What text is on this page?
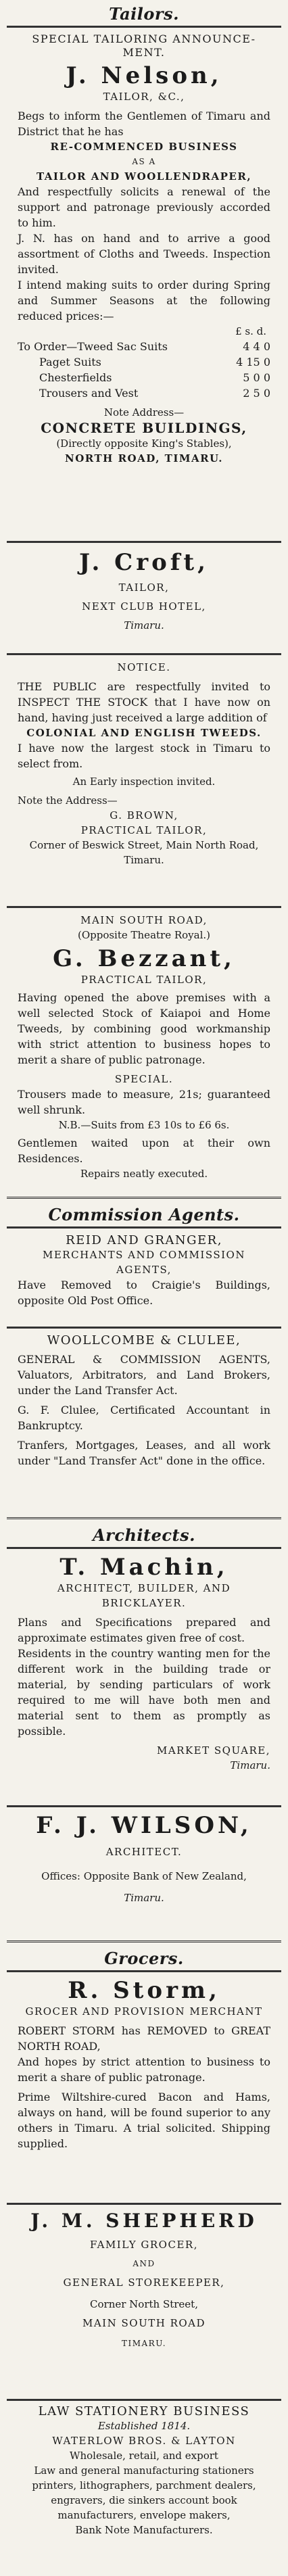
Tailors.
SPECIAL TAILORING ANNOUNCE-
MENT.
J. Nelson,
TAILOR, &C.,
Begs to inform the Gentlemen of Timaru and District that he has
RE-COMMENCED BUSINESS
AS A
TAILOR AND WOOLLENDRAPER,
And respectfully solicits a renewal of the support and patronage previously accorded to him.
J. N. has on hand and to arrive a good assortment of Cloths and Tweeds. Inspection invited.
I intend making suits to order during Spring and Summer Seasons at the following reduced prices:—
£ s. d.
To Order—Tweed Sac Suits	4 4 0
Paget Suits	4 15 0
Chesterfields	5 0 0
Trousers and Vest	2 5 0
Note Address—
CONCRETE BUILDINGS,
(Directly opposite King's Stables),
NORTH ROAD, TIMARU.
J. Croft,
TAILOR,
NEXT CLUB HOTEL,
Timaru.
NOTICE.
THE PUBLIC are respectfully invited to INSPECT THE STOCK that I have now on hand, having just received a large addition of
COLONIAL AND ENGLISH TWEEDS.
I have now the largest stock in Timaru to select from.
An Early inspection invited.
Note the Address—
G. BROWN,
PRACTICAL TAILOR,
Corner of Beswick Street, Main North Road, Timaru.
MAIN SOUTH ROAD,
(Opposite Theatre Royal.)
G. Bezzant,
PRACTICAL TAILOR,
Having opened the above premises with a well selected Stock of Kaiapoi and Home Tweeds, by combining good workmanship with strict attention to business hopes to merit a share of public patronage.
SPECIAL.
Trousers made to measure, 21s; guaranteed well shrunk.
N.B.—Suits from £3 10s to £6 6s.
Gentlemen waited upon at their own Residences.
Repairs neatly executed.
Commission Agents.
REID AND GRANGER,
MERCHANTS AND COMMISSION AGENTS,
Have Removed to Craigie's Buildings, opposite Old Post Office.
WOOLLCOMBE & CLULEE,
GENERAL & COMMISSION AGENTS, Valuators, Arbitrators, and Land Brokers, under the Land Transfer Act.
G. F. Clulee, Certificated Accountant in Bankruptcy.
Tranfers, Mortgages, Leases, and all work under "Land Transfer Act" done in the office.
Architects.
T. Machin,
ARCHITECT, BUILDER, AND BRICKLAYER.
Plans and Specifications prepared and approximate estimates given free of cost.
Residents in the country wanting men for the different work in the building trade or material, by sending particulars of work required to me will have both men and material sent to them as promptly as possible.
MARKET SQUARE,
Timaru.
F. J. WILSON,
ARCHITECT.
Offices: Opposite Bank of New Zealand,
Timaru.
Grocers.
R. Storm,
GROCER AND PROVISION MERCHANT
ROBERT STORM has REMOVED to GREAT NORTH ROAD,
And hopes by strict attention to business to merit a share of public patronage.
Prime Wiltshire-cured Bacon and Hams, always on hand, will be found superior to any others in Timaru. A trial solicited. Shipping supplied.
J. M. SHEPHERD
FAMILY GROCER,
AND
GENERAL STOREKEEPER,
Corner North Street,
MAIN SOUTH ROAD
TIMARU.
LAW STATIONERY BUSINESS
Established 1814.
WATERLOW BROS. & LAYTON
Wholesale, retail, and export
Law and general manufacturing stationers printers, lithographers, parchment dealers, engravers, die sinkers account book manufacturers, envelope makers,
Bank Note Manufacturers.
